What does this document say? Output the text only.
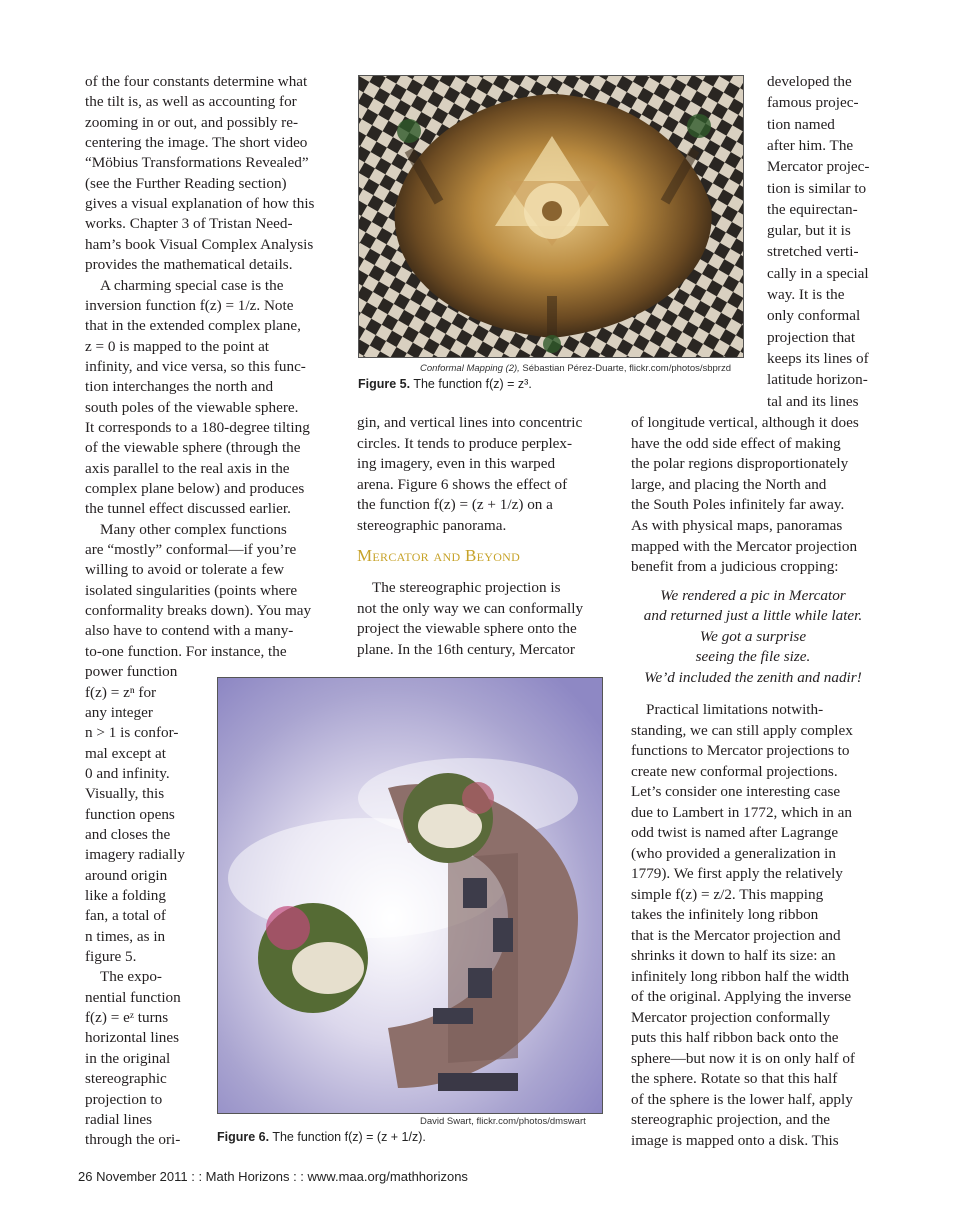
of the four constants determine what
the tilt is, as well as accounting for
zooming in or out, and possibly re-
centering the image. The short video
“Möbius Transformations Revealed”
(see the Further Reading section)
gives a visual explanation of how this
works. Chapter 3 of Tristan Need-
ham’s book Visual Complex Analysis
provides the mathematical details.
A charming special case is the
inversion function f(z) = 1/z. Note
that in the extended complex plane,
z = 0 is mapped to the point at
infinity, and vice versa, so this func-
tion interchanges the north and
south poles of the viewable sphere.
It corresponds to a 180-degree tilting
of the viewable sphere (through the
axis parallel to the real axis in the
complex plane below) and produces
the tunnel effect discussed earlier.
Many other complex functions
are “mostly” conformal—if you’re
willing to avoid or tolerate a few
isolated singularities (points where
conformality breaks down). You may
also have to contend with a many-
to-one function. For instance, the
power function
f(z) = zⁿ for
any integer
n > 1 is confor-
mal except at
0 and infinity.
Visually, this
function opens
and closes the
imagery radially
around origin
like a folding
fan, a total of
n times, as in
figure 5.
The expo-
nential function
f(z) = eᶻ turns
horizontal lines
in the original
stereographic
projection to
radial lines
through the ori-
gin, and vertical lines into concentric
circles. It tends to produce perplex-
ing imagery, even in this warped
arena. Figure 6 shows the effect of
the function f(z) = (z + 1/z) on a
stereographic panorama.
Mercator and Beyond
The stereographic projection is
not the only way we can conformally
project the viewable sphere onto the
plane. In the 16th century, Mercator
developed the
famous projec-
tion named
after him. The
Mercator projec-
tion is similar to
the equirectan-
gular, but it is
stretched verti-
cally in a special
way. It is the
only conformal
projection that
keeps its lines of
latitude horizon-
tal and its lines
of longitude vertical, although it does
have the odd side effect of making
the polar regions disproportionately
large, and placing the North and
the South Poles infinitely far away.
As with physical maps, panoramas
mapped with the Mercator projection
benefit from a judicious cropping:
We rendered a pic in Mercator
and returned just a little while later.
We got a surprise
seeing the file size.
We’d included the zenith and nadir!
Practical limitations notwith-
standing, we can still apply complex
functions to Mercator projections to
create new conformal projections.
Let’s consider one interesting case
due to Lambert in 1772, which in an
odd twist is named after Lagrange
(who provided a generalization in
1779). We first apply the relatively
simple f(z) = z/2. This mapping
takes the infinitely long ribbon
that is the Mercator projection and
shrinks it down to half its size: an
infinitely long ribbon half the width
of the original. Applying the inverse
Mercator projection conformally
puts this half ribbon back onto the
sphere—but now it is on only half of
the sphere. Rotate so that this half
of the sphere is the lower half, apply
stereographic projection, and the
image is mapped onto a disk. This
Conformal Mapping (2), Sébastian Pérez-Duarte, flickr.com/photos/sbprzd
Figure 5. The function f(z) = z³.
David Swart, flickr.com/photos/dmswart
Figure 6. The function f(z) = (z + 1/z).
26 November 2011 : : Math Horizons : : www.maa.org/mathhorizons
